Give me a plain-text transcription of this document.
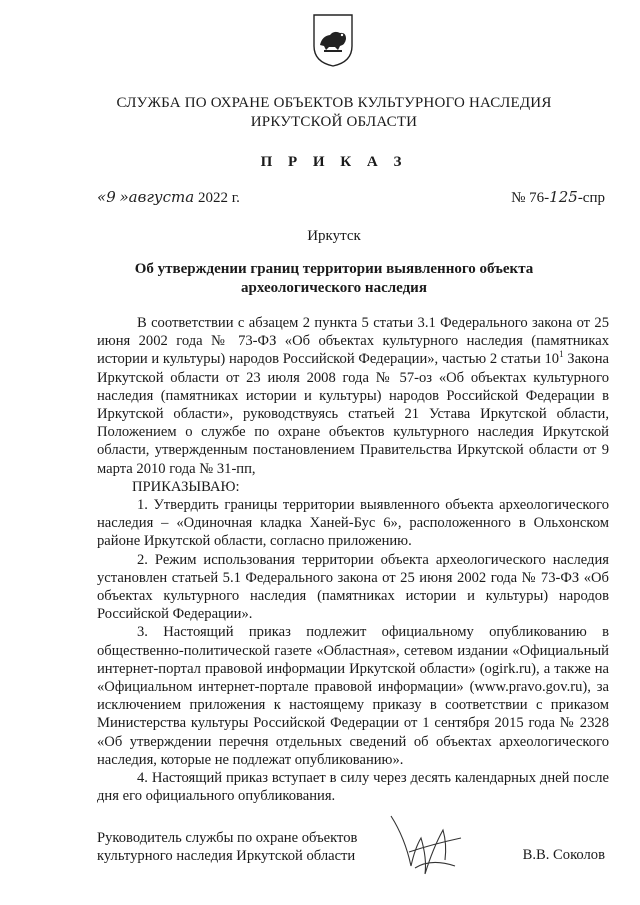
СЛУЖБА ПО ОХРАНЕ ОБЪЕКТОВ КУЛЬТУРНОГО НАСЛЕДИЯ
ИРКУТСКОЙ ОБЛАСТИ
П Р И К А З
«9 »августа 2022 г.	№ 76-125-спр
Иркутск
Об утверждении границ территории выявленного объекта
археологического наследия

В соответствии с абзацем 2 пункта 5 статьи 3.1 Федерального закона от 25 июня 2002 года № 73-ФЗ «Об объектах культурного наследия (памятниках истории и культуры) народов Российской Федерации», частью 2 статьи $10^1$ Закона Иркутской области от 23 июля 2008 года № 57-оз «Об объектах культурного наследия (памятниках истории и культуры) народов Российской Федерации в Иркутской области», руководствуясь статьей 21 Устава Иркутской области, Положением о службе по охране объектов культурного наследия Иркутской области, утвержденным постановлением Правительства Иркутской области от 9 марта 2010 года № 31-пп,

ПРИКАЗЫВАЮ:

1. Утвердить границы территории выявленного объекта археологического наследия – «Одиночная кладка Ханей-Бус 6», расположенного в Ольхонском районе Иркутской области, согласно приложению.

2. Режим использования территории объекта археологического наследия установлен статьей 5.1 Федерального закона от 25 июня 2002 года № 73-ФЗ «Об объектах культурного наследия (памятниках истории и культуры) народов Российской Федерации».

3. Настоящий приказ подлежит официальному опубликованию в общественно-политической газете «Областная», сетевом издании «Официальный интернет-портал правовой информации Иркутской области» (ogirk.ru), а также на «Официальном интернет-портале правовой информации» (www.pravo.gov.ru), за исключением приложения к настоящему приказу в соответствии с приказом Министерства культуры Российской Федерации от 1 сентября 2015 года № 2328 «Об утверждении перечня отдельных сведений об объектах археологического наследия, которые не подлежат опубликованию».

4. Настоящий приказ вступает в силу через десять календарных дней после дня его официального опубликования.

Руководитель службы по охране объектов
культурного наследия Иркутской области	В.В. Соколов
